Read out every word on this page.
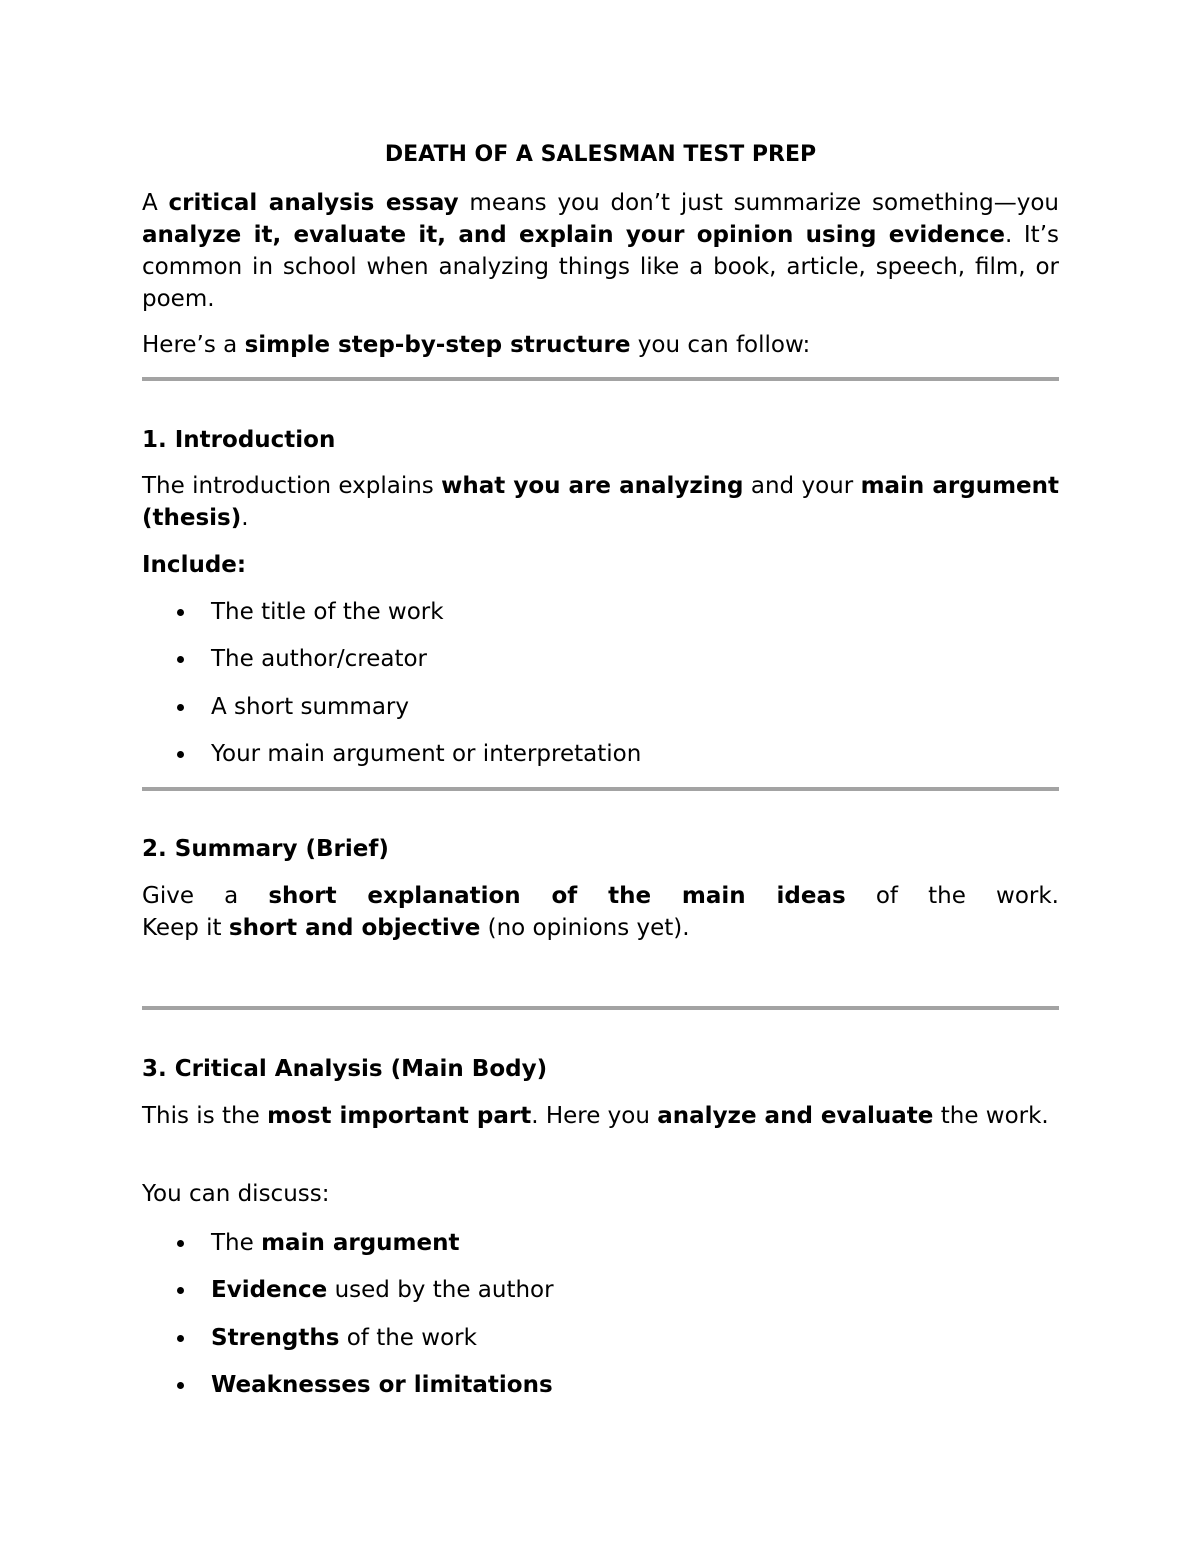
DEATH OF A SALESMAN TEST PREP
A critical analysis essay means you don’t just summarize something—you analyze it, evaluate it, and explain your opinion using evidence. It’s common in school when analyzing things like a book, article, speech, film, or poem.
Here’s a simple step-by-step structure you can follow:
1. Introduction
The introduction explains what you are analyzing and your main argument (thesis).
Include:
The title of the work
The author/creator
A short summary
Your main argument or interpretation
2. Summary (Brief)
Give a short explanation of the main ideas of the work.
Keep it short and objective (no opinions yet).
3. Critical Analysis (Main Body)
This is the most important part. Here you analyze and evaluate the work.
You can discuss:
The main argument
Evidence used by the author
Strengths of the work
Weaknesses or limitations
